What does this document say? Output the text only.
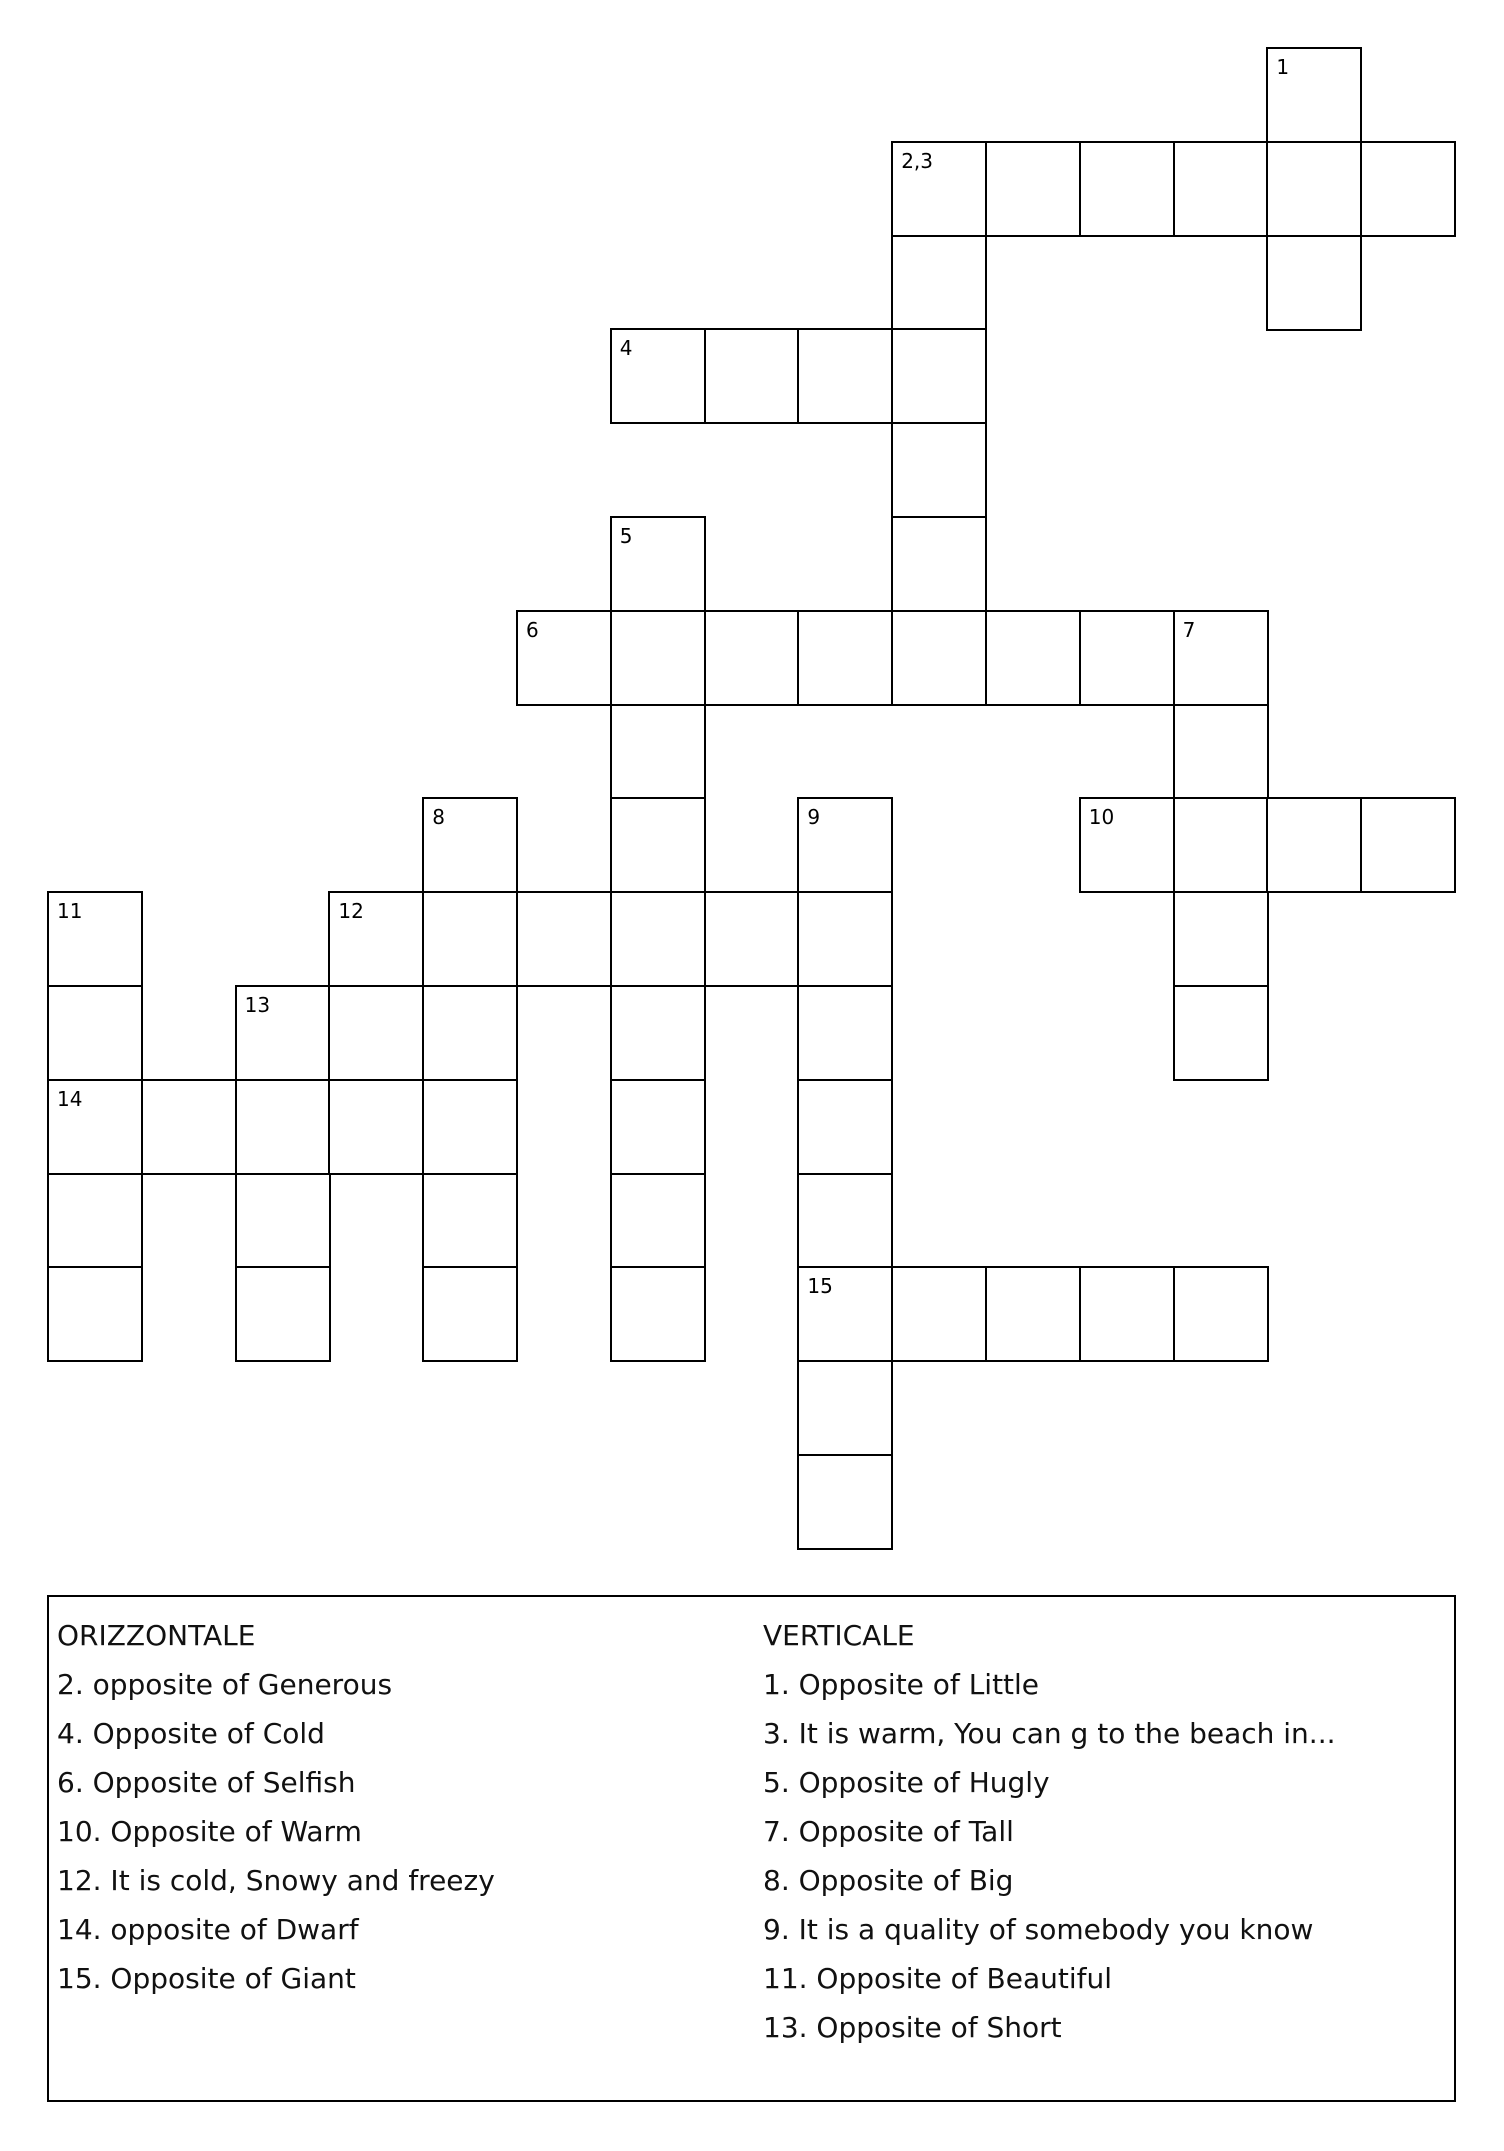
1
2,3
4
5
6	7
8	9	10
11	12
13
14
15
ORIZZONTALE
2. opposite of Generous
4. Opposite of Cold
6. Opposite of Selfish
10. Opposite of Warm
12. It is cold, Snowy and freezy
14. opposite of Dwarf
15. Opposite of Giant
VERTICALE
1. Opposite of Little
3. It is warm, You can g to the beach in...
5. Opposite of Hugly
7. Opposite of Tall
8. Opposite of Big
9. It is a quality of somebody you know
11. Opposite of Beautiful
13. Opposite of Short
